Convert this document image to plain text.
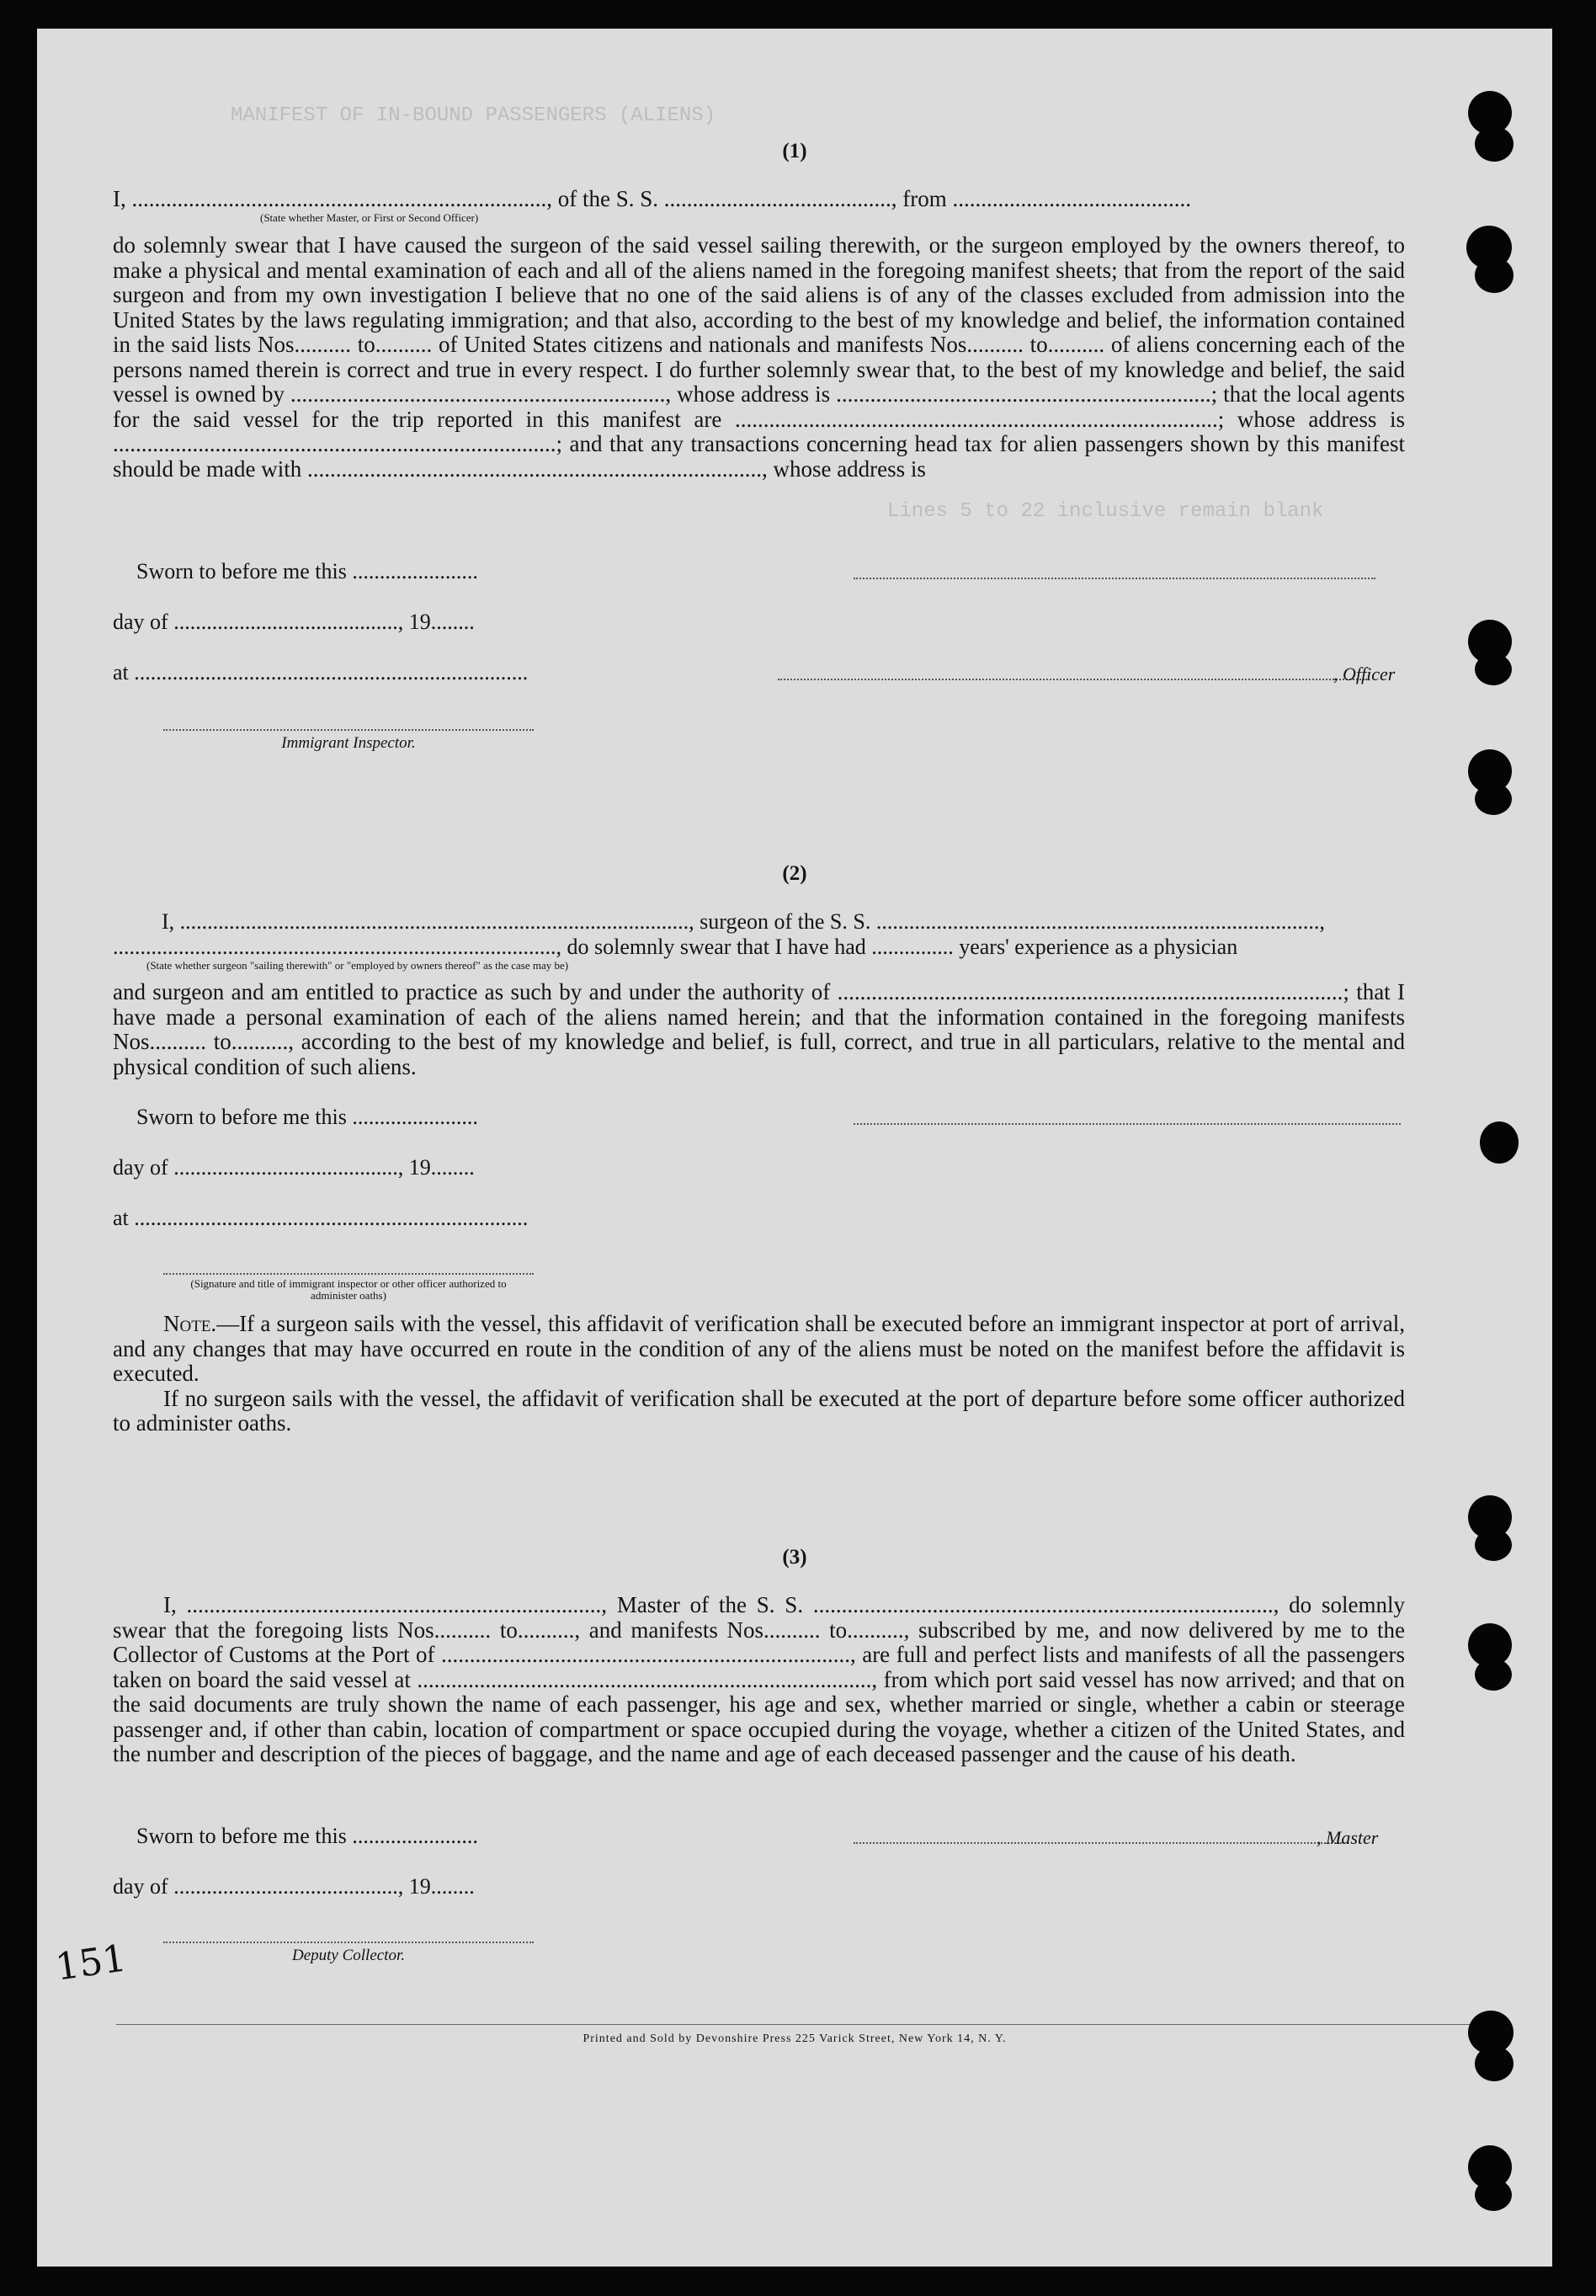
MANIFEST OF IN-BOUND PASSENGERS (ALIENS)
Lines 5 to 22 inclusive remain blank
(1)

I, ........................................................................., of the S. S. ........................................, from ..........................................

(State whether Master, or First or Second Officer)

do solemnly swear that I have caused the surgeon of the said vessel sailing therewith, or the surgeon employed by the owners thereof, to make a physical and mental examination of each and all of the aliens named in the foregoing manifest sheets; that from the report of the said surgeon and from my own investigation I believe that no one of the said aliens is of any of the classes excluded from admission into the United States by the laws regulating immigration; and that also, according to the best of my knowledge and belief, the information contained in the said lists Nos.......... to.......... of United States citizens and nationals and manifests Nos.......... to.......... of aliens concerning each of the persons named therein is correct and true in every respect. I do further solemnly swear that, to the best of my knowledge and belief, the said vessel is owned by .................................................................., whose address is ..................................................................; that the local agents for the said vessel for the trip reported in this manifest are .....................................................................................; whose address is ..............................................................................; and that any transactions concerning head tax for alien passengers shown by this manifest should be made with ................................................................................, whose address is

Sworn to before me this .......................
day of ........................................., 19........
at ........................................................................	, Officer
Immigrant Inspector.
(2)
I, ............................................................................................., surgeon of the S. S. .................................................................................,
................................................................................., do solemnly swear that I have had ............... years' experience as a physician
(State whether surgeon "sailing therewith" or "employed by owners thereof" as the case may be)

and surgeon and am entitled to practice as such by and under the authority of .........................................................................................; that I have made a personal examination of each of the aliens named herein; and that the information contained in the foregoing manifests Nos.......... to.........., according to the best of my knowledge and belief, is full, correct, and true in all particulars, relative to the mental and physical condition of such aliens.

Sworn to before me this .......................
day of ........................................., 19........
at ........................................................................
(Signature and title of immigrant inspector or other officer authorized to administer oaths)

Note.—If a surgeon sails with the vessel, this affidavit of verification shall be executed before an immigrant inspector at port of arrival, and any changes that may have occurred en route in the condition of any of the aliens must be noted on the manifest before the affidavit is executed.

If no surgeon sails with the vessel, the affidavit of verification shall be executed at the port of departure before some officer authorized to administer oaths.

(3)

I, ........................................................................., Master of the S. S. ................................................................................., do solemnly swear that the foregoing lists Nos.......... to.........., and manifests Nos.......... to.........., subscribed by me, and now delivered by me to the Collector of Customs at the Port of ........................................................................, are full and perfect lists and manifests of all the passengers taken on board the said vessel at ................................................................................, from which port said vessel has now arrived; and that on the said documents are truly shown the name of each passenger, his age and sex, whether married or single, whether a cabin or steerage passenger and, if other than cabin, location of compartment or space occupied during the voyage, whether a citizen of the United States, and the number and description of the pieces of baggage, and the name and age of each deceased passenger and the cause of his death.

Sworn to before me this .......................	, Master
day of ........................................., 19........
Deputy Collector.
151
Printed and Sold by Devonshire Press 225 Varick Street, New York 14, N. Y.
